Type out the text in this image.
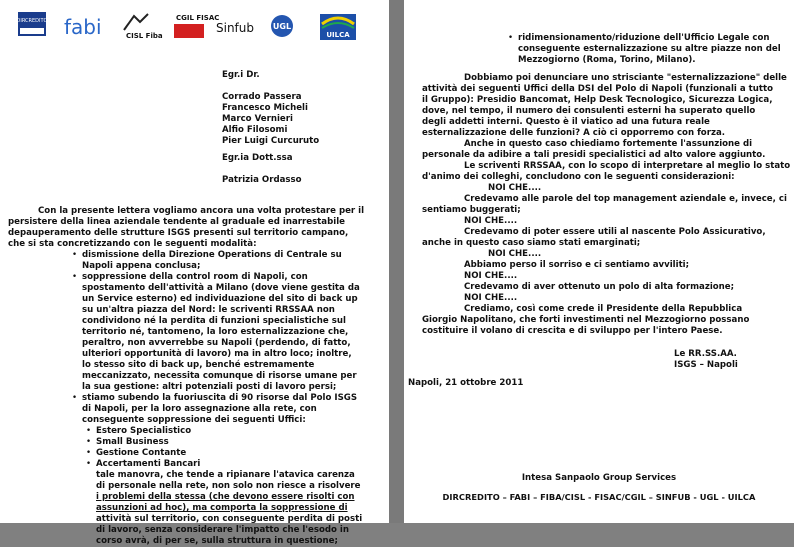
DIRCREDITO fabi	CISL Fiba
CGIL FISAC
Sinfub UGL
UILCA
Egr.i Dr.
Corrado Passera
Francesco Micheli
Marco Vernieri
Alfio Filosomi
Pier Luigi Curcuruto
Egr.ia Dott.ssa
Patrizia Ordasso
Con la presente lettera vogliamo ancora una volta protestare per il
persistere della linea aziendale tendente al graduale ed inarrestabile
depauperamento delle strutture ISGS presenti sul territorio campano,
che si sta concretizzando con le seguenti modalità:
• dismissione della Direzione Operations di Centrale su
Napoli appena conclusa;
• soppressione della control room di Napoli, con
spostamento dell'attività a Milano (dove viene gestita da
un Service esterno) ed individuazione del sito di back up
su un'altra piazza del Nord: le scriventi RRSSAA non
condividono né la perdita di funzioni specialistiche sul
territorio né, tantomeno, la loro esternalizzazione che,
peraltro, non avverrebbe su Napoli (perdendo, di fatto,
ulteriori opportunità di lavoro) ma in altro loco; inoltre,
lo stesso sito di back up, benché estremamente
meccanizzato, necessita comunque di risorse umane per
la sua gestione: altri potenziali posti di lavoro persi;
• stiamo subendo la fuoriuscita di 90 risorse dal Polo ISGS
di Napoli, per la loro assegnazione alla rete, con
conseguente soppressione dei seguenti Uffici:
• Estero Specialistico
• Small Business
• Gestione Contante
• Accertamenti Bancari
tale manovra, che tende a ripianare l'atavica carenza
di personale nella rete, non solo non riesce a risolvere
i problemi della stessa (che devono essere risolti con
assunzioni ad hoc), ma comporta la soppressione di
attività sul territorio, con conseguente perdita di posti
di lavoro, senza considerare l'impatto che l'esodo in
corso avrà, di per se, sulla struttura in questione;
• ridimensionamento/riduzione dell'Ufficio Legale con
conseguente esternalizzazione su altre piazze non del
Mezzogiorno (Roma, Torino, Milano).
Dobbiamo poi denunciare uno strisciante "esternalizzazione" delle
attività dei seguenti Uffici della DSI del Polo di Napoli (funzionali a tutto
il Gruppo): Presidio Bancomat, Help Desk Tecnologico, Sicurezza Logica,
dove, nel tempo, il numero dei consulenti esterni ha superato quello
degli addetti interni. Questo è il viatico ad una futura reale
esternalizzazione delle funzioni? A ciò ci opporremo con forza.
Anche in questo caso chiediamo fortemente l'assunzione di
personale da adibire a tali presidi specialistici ad alto valore aggiunto.
Le scriventi RRSSAA, con lo scopo di interpretare al meglio lo stato
d'animo dei colleghi, concludono con le seguenti considerazioni:
NOI CHE....
Credevamo alle parole del top management aziendale e, invece, ci
sentiamo buggerati;
NOI CHE....
Credevamo di poter essere utili al nascente Polo Assicurativo,
anche in questo caso siamo stati emarginati;
NOI CHE....
Abbiamo perso il sorriso e ci sentiamo avviliti;
NOI CHE....
Credevamo di aver ottenuto un polo di alta formazione;
NOI CHE....
Crediamo, così come crede il Presidente della Repubblica
Giorgio Napolitano, che forti investimenti nel Mezzogiorno possano
costituire il volano di crescita e di sviluppo per l'intero Paese.
Le RR.SS.AA.
ISGS – Napoli
Napoli, 21 ottobre 2011
Intesa Sanpaolo Group Services
DIRCREDITO – FABI – FIBA/CISL - FISAC/CGIL – SINFUB - UGL - UILCA
